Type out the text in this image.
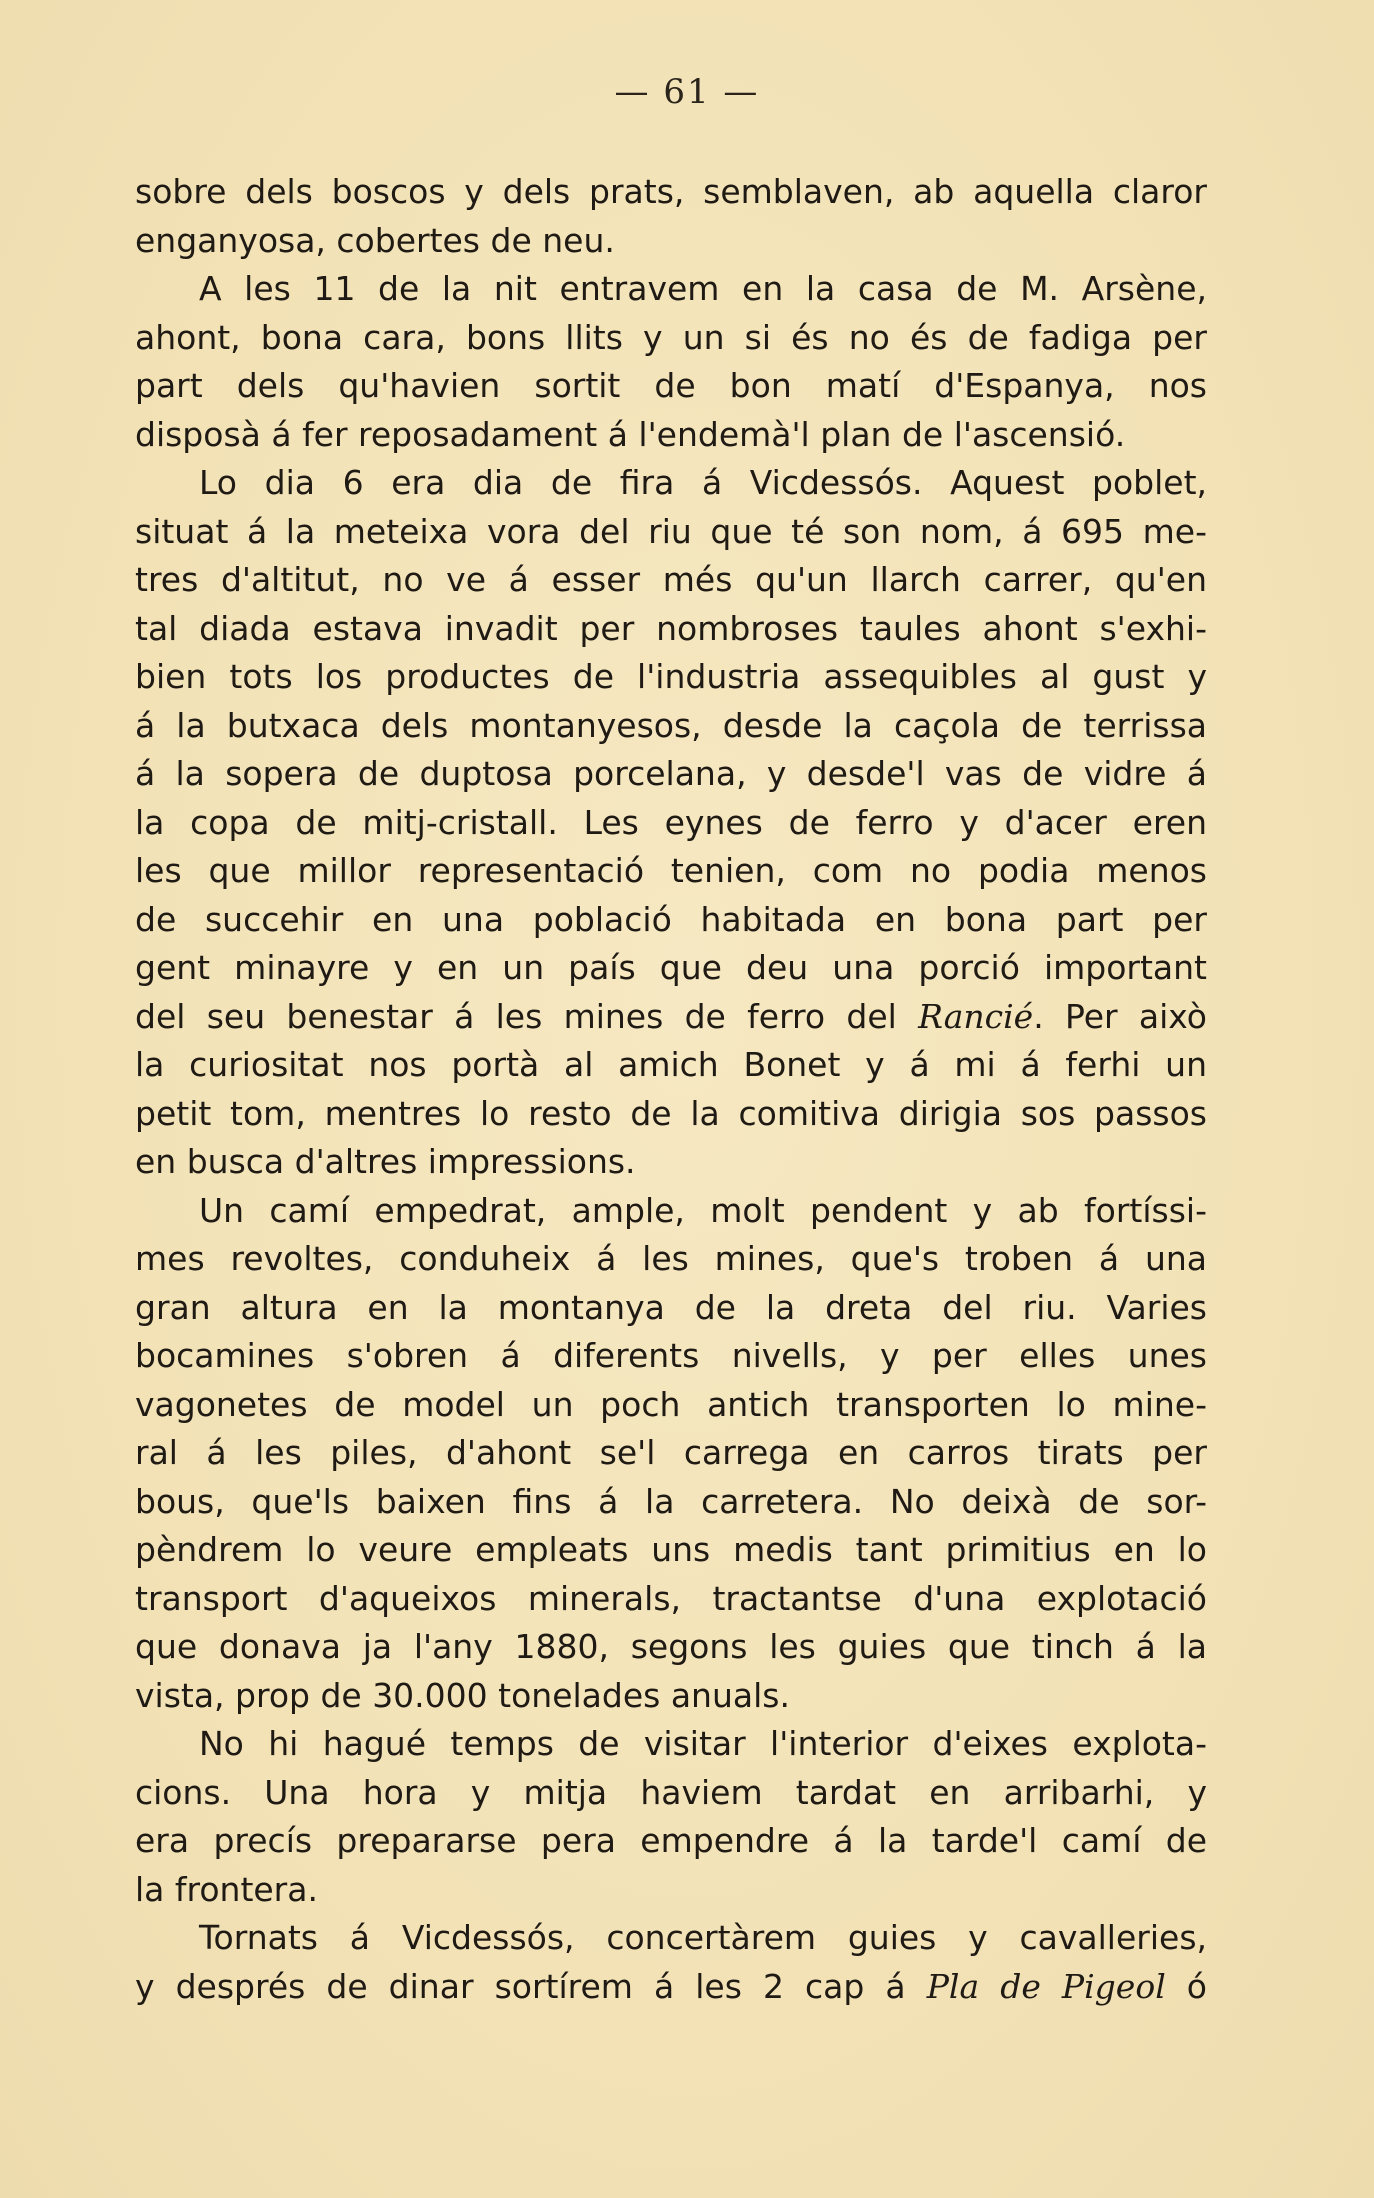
— 61 —
sobre dels boscos y dels prats, semblaven, ab aquella claror
enganyosa, cobertes de neu.
A les 11 de la nit entravem en la casa de M. Arsène,
ahont, bona cara, bons llits y un si és no és de fadiga per
part dels qu'havien sortit de bon matí d'Espanya, nos
disposà á fer reposadament á l'endemà'l plan de l'ascensió.
Lo dia 6 era dia de fira á Vicdessós. Aquest poblet,
situat á la meteixa vora del riu que té son nom, á 695 me-
tres d'altitut, no ve á esser més qu'un llarch carrer, qu'en
tal diada estava invadit per nombroses taules ahont s'exhi-
bien tots los productes de l'industria assequibles al gust y
á la butxaca dels montanyesos, desde la caçola de terrissa
á la sopera de duptosa porcelana, y desde'l vas de vidre á
la copa de mitj-cristall. Les eynes de ferro y d'acer eren
les que millor representació tenien, com no podia menos
de succehir en una població habitada en bona part per
gent minayre y en un país que deu una porció important
del seu benestar á les mines de ferro del Rancié. Per això
la curiositat nos portà al amich Bonet y á mi á ferhi un
petit tom, mentres lo resto de la comitiva dirigia sos passos
en busca d'altres impressions.
Un camí empedrat, ample, molt pendent y ab fortíssi-
mes revoltes, conduheix á les mines, que's troben á una
gran altura en la montanya de la dreta del riu. Varies
bocamines s'obren á diferents nivells, y per elles unes
vagonetes de model un poch antich transporten lo mine-
ral á les piles, d'ahont se'l carrega en carros tirats per
bous, que'ls baixen fins á la carretera. No deixà de sor-
pèndrem lo veure empleats uns medis tant primitius en lo
transport d'aqueixos minerals, tractantse d'una explotació
que donava ja l'any 1880, segons les guies que tinch á la
vista, prop de 30.000 tonelades anuals.
No hi hagué temps de visitar l'interior d'eixes explota-
cions. Una hora y mitja haviem tardat en arribarhi, y
era precís prepararse pera empendre á la tarde'l camí de
la frontera.
Tornats á Vicdessós, concertàrem guies y cavalleries,
y després de dinar sortírem á les 2 cap á Pla de Pigeol ó
